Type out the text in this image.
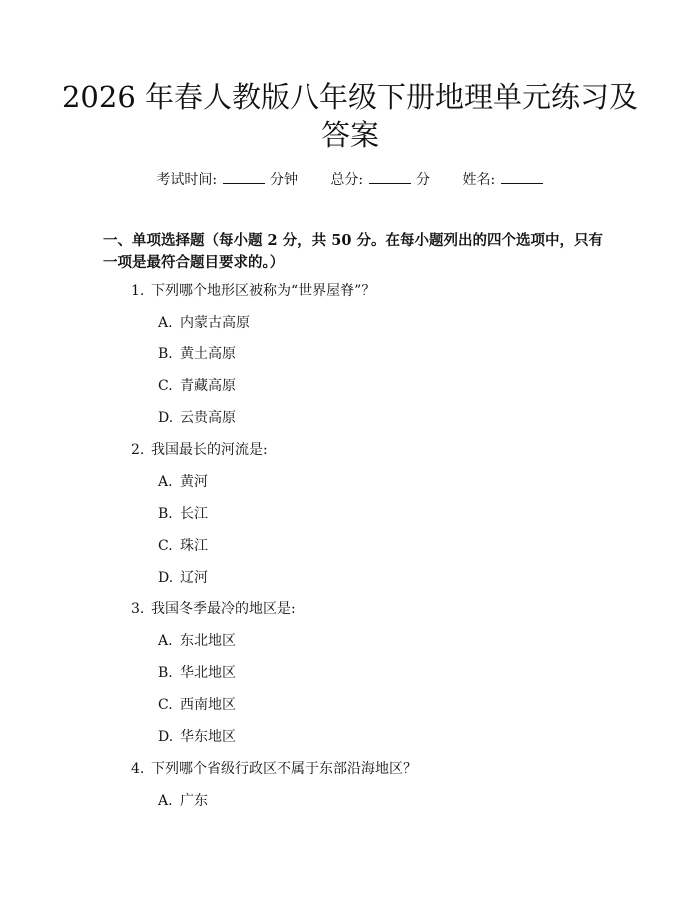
2026 年春人教版八年级下册地理单元练习及
答案
考试时间:	分钟 总分:	分 姓名:

一、单项选择题（每小题 2 分，共 50 分。在每小题列出的四个选项中，只有一项是最符合题目要求的。）

1. 下列哪个地形区被称为“世界屋脊”？
A. 内蒙古高原
B. 黄土高原
C. 青藏高原
D. 云贵高原
2. 我国最长的河流是:
A. 黄河
B. 长江
C. 珠江
D. 辽河
3. 我国冬季最冷的地区是:
A. 东北地区
B. 华北地区
C. 西南地区
D. 华东地区
4. 下列哪个省级行政区不属于东部沿海地区？
A. 广东
